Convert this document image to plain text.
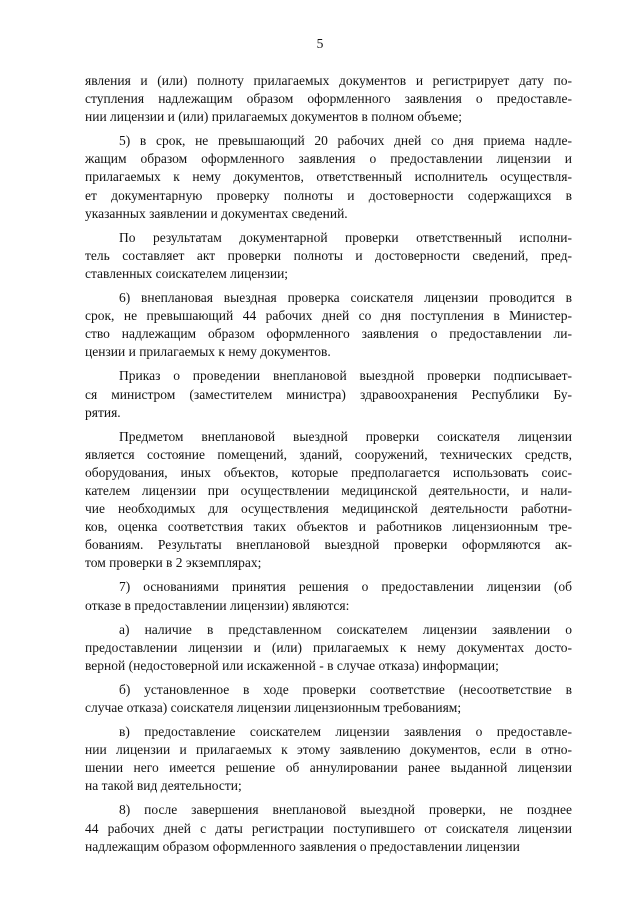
5
явления и (или) полноту прилагаемых документов и регистрирует дату по-
ступления надлежащим образом оформленного заявления о предоставле-
нии лицензии и (или) прилагаемых документов в полном объеме;
5) в срок, не превышающий 20 рабочих дней со дня приема надле-
жащим образом оформленного заявления о предоставлении лицензии и
прилагаемых к нему документов, ответственный исполнитель осуществля-
ет документарную проверку полноты и достоверности содержащихся в
указанных заявлении и документах сведений.
По результатам документарной проверки ответственный исполни-
тель составляет акт проверки полноты и достоверности сведений, пред-
ставленных соискателем лицензии;
6) внеплановая выездная проверка соискателя лицензии проводится в
срок, не превышающий 44 рабочих дней со дня поступления в Министер-
ство надлежащим образом оформленного заявления о предоставлении ли-
цензии и прилагаемых к нему документов.
Приказ о проведении внеплановой выездной проверки подписывает-
ся министром (заместителем министра) здравоохранения Республики Бу-
рятия.
Предметом внеплановой выездной проверки соискателя лицензии
является состояние помещений, зданий, сооружений, технических средств,
оборудования, иных объектов, которые предполагается использовать соис-
кателем лицензии при осуществлении медицинской деятельности, и нали-
чие необходимых для осуществления медицинской деятельности работни-
ков, оценка соответствия таких объектов и работников лицензионным тре-
бованиям. Результаты внеплановой выездной проверки оформляются ак-
том проверки в 2 экземплярах;
7) основаниями принятия решения о предоставлении лицензии (об
отказе в предоставлении лицензии) являются:
а) наличие в представленном соискателем лицензии заявлении о
предоставлении лицензии и (или) прилагаемых к нему документах досто-
верной (недостоверной или искаженной - в случае отказа) информации;
б) установленное в ходе проверки соответствие (несоответствие в
случае отказа) соискателя лицензии лицензионным требованиям;
в) предоставление соискателем лицензии заявления о предоставле-
нии лицензии и прилагаемых к этому заявлению документов, если в отно-
шении него имеется решение об аннулировании ранее выданной лицензии
на такой вид деятельности;
8) после завершения внеплановой выездной проверки, не позднее
44 рабочих дней с даты регистрации поступившего от соискателя лицензии
надлежащим образом оформленного заявления о предоставлении лицензии
